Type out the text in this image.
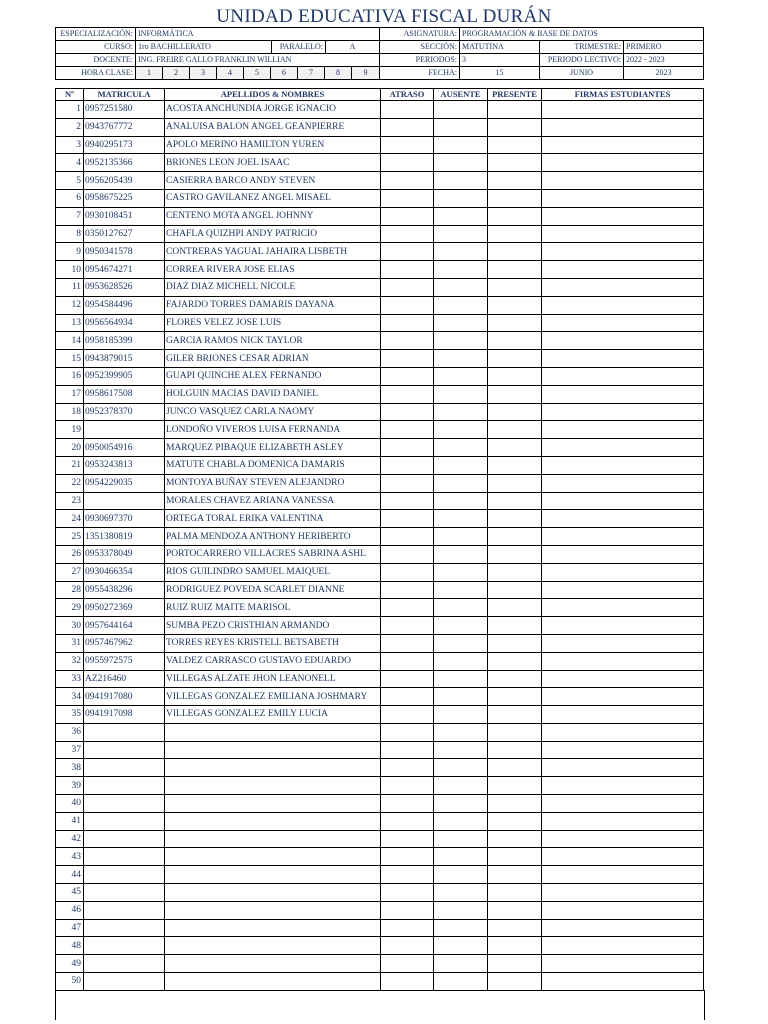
UNIDAD EDUCATIVA FISCAL DURÁN
ESPECIALIZACIÓN:	INFORMÁTICA			ASIGNATURA:	PROGRAMACIÓN & BASE DE DATOS		
CURSO:	1ro BACHILLERATO	PARALELO:	A	SECCIÓN:	MATUTINA	TRIMESTRE:	PRIMERO
DOCENTE:	ING. FREIRE GALLO FRANKLIN WILLIAN			PERIODOS:	3	PERIODO LECTIVO:	2022 - 2023
HORA CLASE:	1	2	3	4	5	6	7	8	9	FECHA:	15	JUNIO	2023
Nº	MATRICULA	APELLIDOS & NOMBRES	ATRASO	AUSENTE	PRESENTE	FIRMAS ESTUDIANTES
1	0957251580	ACOSTA ANCHUNDIA JORGE IGNACIO				
2	0943767772	ANALUISA BALON ANGEL GEANPIERRE				
3	0940295173	APOLO MERINO HAMILTON YUREN				
4	0952135366	BRIONES LEON JOEL ISAAC				
5	0956205439	CASIERRA BARCO ANDY STEVEN				
6	0958675225	CASTRO GAVILANEZ ANGEL MISAEL				
7	0930108451	CENTENO MOTA ANGEL JOHNNY				
8	0350127627	CHAFLA QUIZHPI ANDY PATRICIO				
9	0950341578	CONTRERAS YAGUAL JAHAIRA LISBETH				
10	0954674271	CORREA RIVERA JOSE ELIAS				
11	0953628526	DIAZ DIAZ MICHELL NICOLE				
12	0954584496	FAJARDO TORRES DAMARIS DAYANA				
13	0956564934	FLORES VELEZ JOSE LUIS				
14	0958185399	GARCIA RAMOS NICK TAYLOR				
15	0943879015	GILER BRIONES CESAR ADRIAN				
16	0952399905	GUAPI QUINCHE ALEX FERNANDO				
17	0958617508	HOLGUIN MACIAS DAVID DANIEL				
18	0952378370	JUNCO VASQUEZ CARLA NAOMY				
19		LONDOÑO VIVEROS LUISA FERNANDA				
20	0950054916	MARQUEZ PIBAQUE ELIZABETH ASLEY				
21	0953243813	MATUTE CHABLA DOMENICA DAMARIS				
22	0954229035	MONTOYA BUÑAY STEVEN ALEJANDRO				
23		MORALES CHAVEZ ARIANA VANESSA				
24	0930697370	ORTEGA TORAL ERIKA VALENTINA				
25	1351380819	PALMA MENDOZA ANTHONY HERIBERTO				
26	0953378049	PORTOCARRERO VILLACRES SABRINA ASHL				
27	0930466354	RIOS GUILINDRO SAMUEL MAIQUEL				
28	0955438296	RODRIGUEZ POVEDA SCARLET DIANNE				
29	0950272369	RUIZ RUIZ MAITE MARISOL				
30	0957644164	SUMBA PEZO CRISTHIAN ARMANDO				
31	0957467962	TORRES REYES KRISTELL BETSABETH				
32	0955972575	VALDEZ CARRASCO GUSTAVO EDUARDO				
33	AZ216460	VILLEGAS ALZATE JHON LEANONELL				
34	0941917080	VILLEGAS GONZALEZ EMILIANA JOSHMARY				
35	0941917098	VILLEGAS GONZALEZ EMILY LUCIA				
36						
37						
38						
39						
40						
41						
42						
43						
44						
45						
46						
47						
48						
49						
50						
